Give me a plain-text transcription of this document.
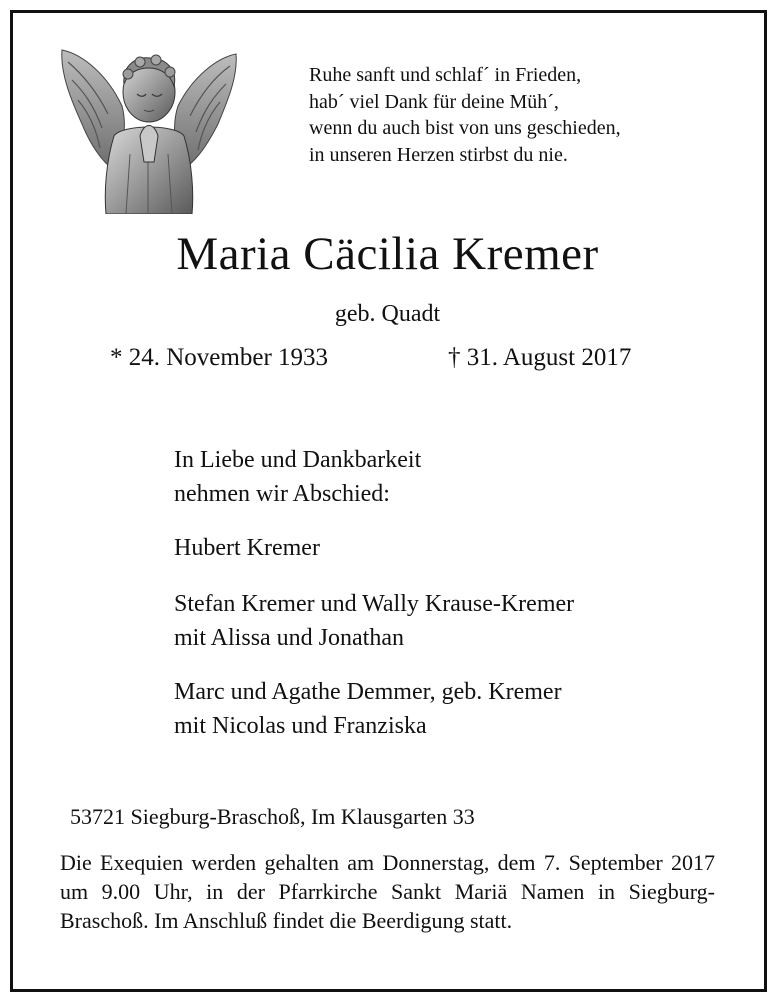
Ruhe sanft und schlaf´ in Frieden,
hab´ viel Dank für deine Müh´,
wenn du auch bist von uns geschieden,
in unseren Herzen stirbst du nie.
Maria Cäcilia Kremer
geb. Quadt
* 24. November 1933	† 31. August 2017
In Liebe und Dankbarkeit
nehmen wir Abschied:
Hubert Kremer
Stefan Kremer und Wally Krause-Kremer
mit Alissa und Jonathan
Marc und Agathe Demmer, geb. Kremer
mit Nicolas und Franziska
53721 Siegburg-Braschoß, Im Klausgarten 33
Die Exequien werden gehalten am Donnerstag, dem 7. September 2017 um 9.00 Uhr, in der Pfarrkirche Sankt Mariä Namen in Siegburg-Braschoß. Im Anschluß findet die Beerdigung statt.
